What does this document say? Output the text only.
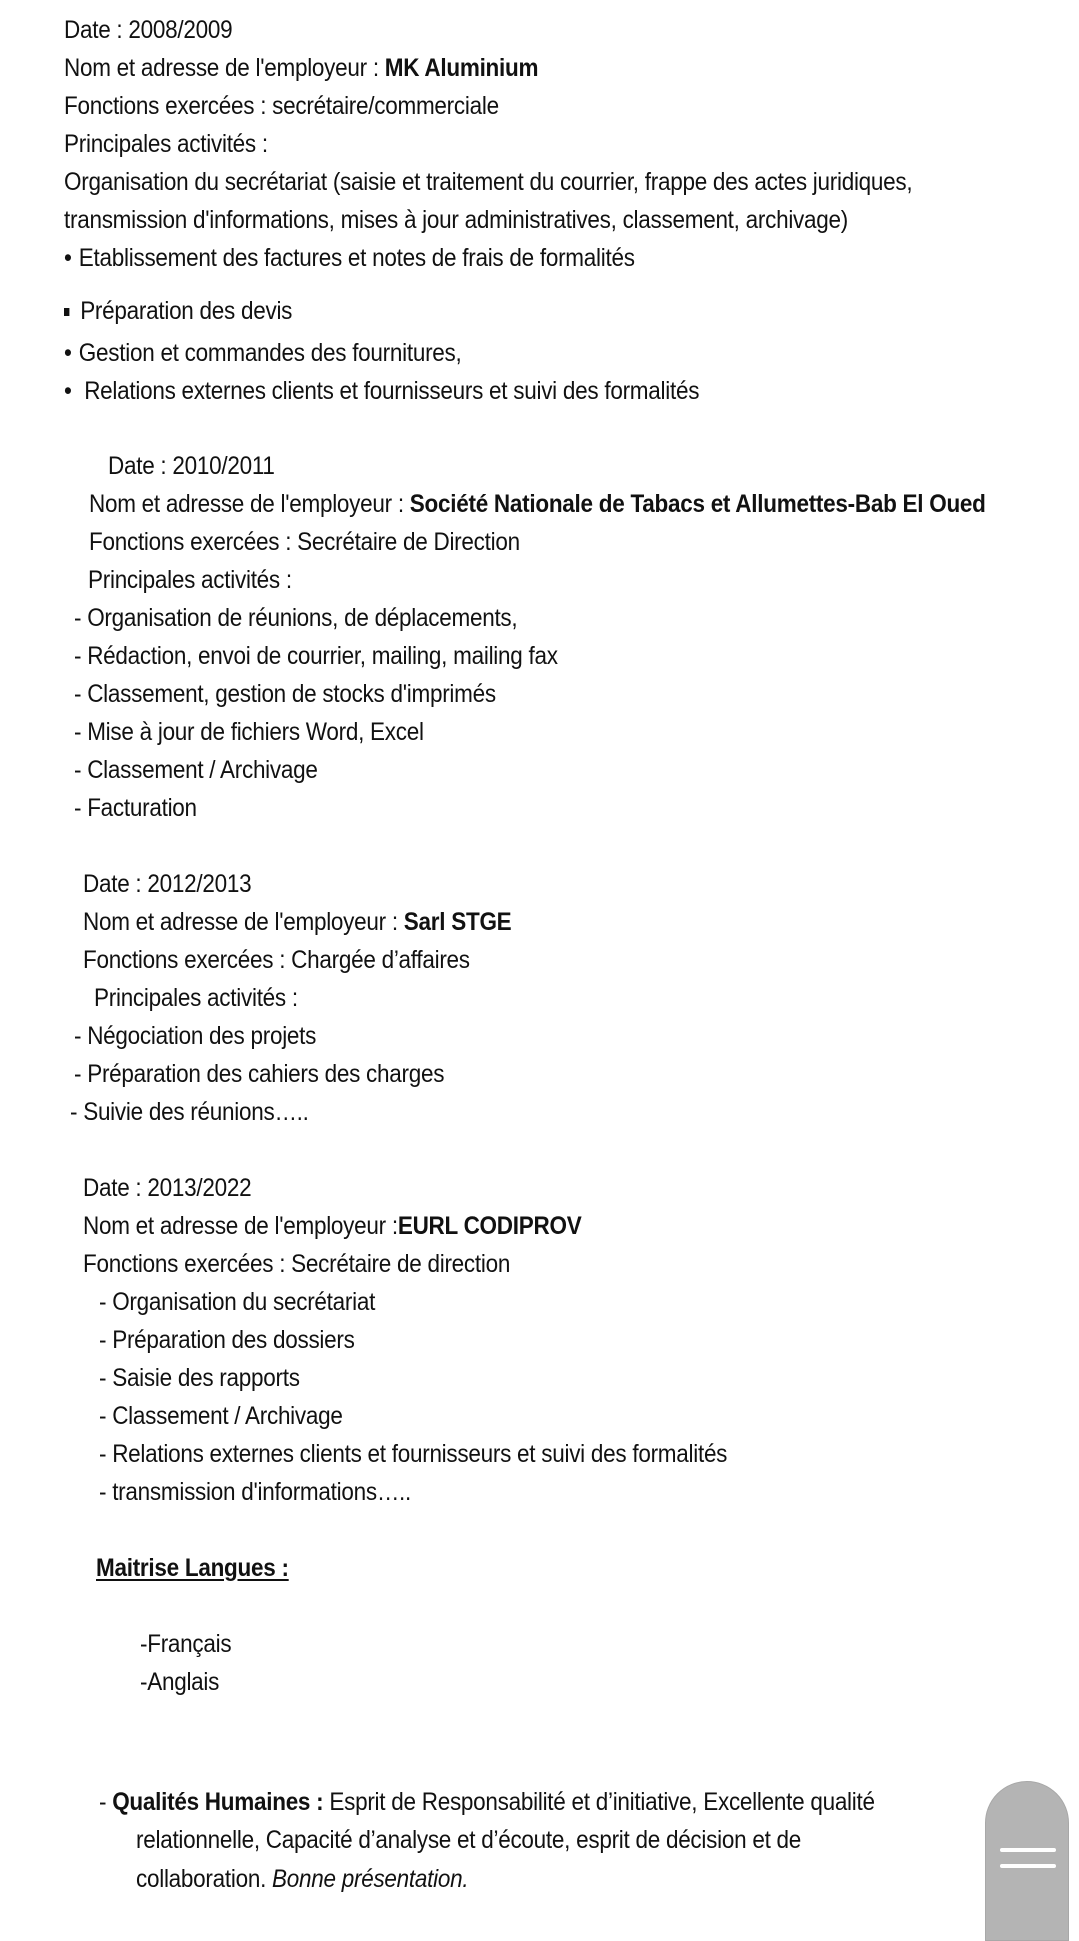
Date : 2008/2009
Nom et adresse de l'employeur : MK Aluminium
Fonctions exercées : secrétaire/commerciale
Principales activités :
Organisation du secrétariat (saisie et traitement du courrier, frappe des actes juridiques,
transmission d'informations, mises à jour administratives, classement, archivage)
• Etablissement des factures et notes de frais de formalités
Préparation des devis
• Gestion et commandes des fournitures,
• Relations externes clients et fournisseurs et suivi des formalités
Date : 2010/2011
Nom et adresse de l'employeur : Société Nationale de Tabacs et Allumettes-Bab El Oued
Fonctions exercées : Secrétaire de Direction
Principales activités :
- Organisation de réunions, de déplacements,
- Rédaction, envoi de courrier, mailing, mailing fax
- Classement, gestion de stocks d'imprimés
- Mise à jour de fichiers Word, Excel
- Classement / Archivage
- Facturation
Date : 2012/2013
Nom et adresse de l'employeur : Sarl STGE
Fonctions exercées : Chargée d’affaires
Principales activités :
- Négociation des projets
- Préparation des cahiers des charges
- Suivie des réunions…..
Date : 2013/2022
Nom et adresse de l'employeur :EURL CODIPROV
Fonctions exercées : Secrétaire de direction
- Organisation du secrétariat
- Préparation des dossiers
- Saisie des rapports
- Classement / Archivage
- Relations externes clients et fournisseurs et suivi des formalités
- transmission d'informations…..
Maitrise Langues :
-Français
-Anglais
- Qualités Humaines : Esprit de Responsabilité et d’initiative, Excellente qualité
relationnelle, Capacité d’analyse et d’écoute, esprit de décision et de
collaboration. Bonne présentation.
